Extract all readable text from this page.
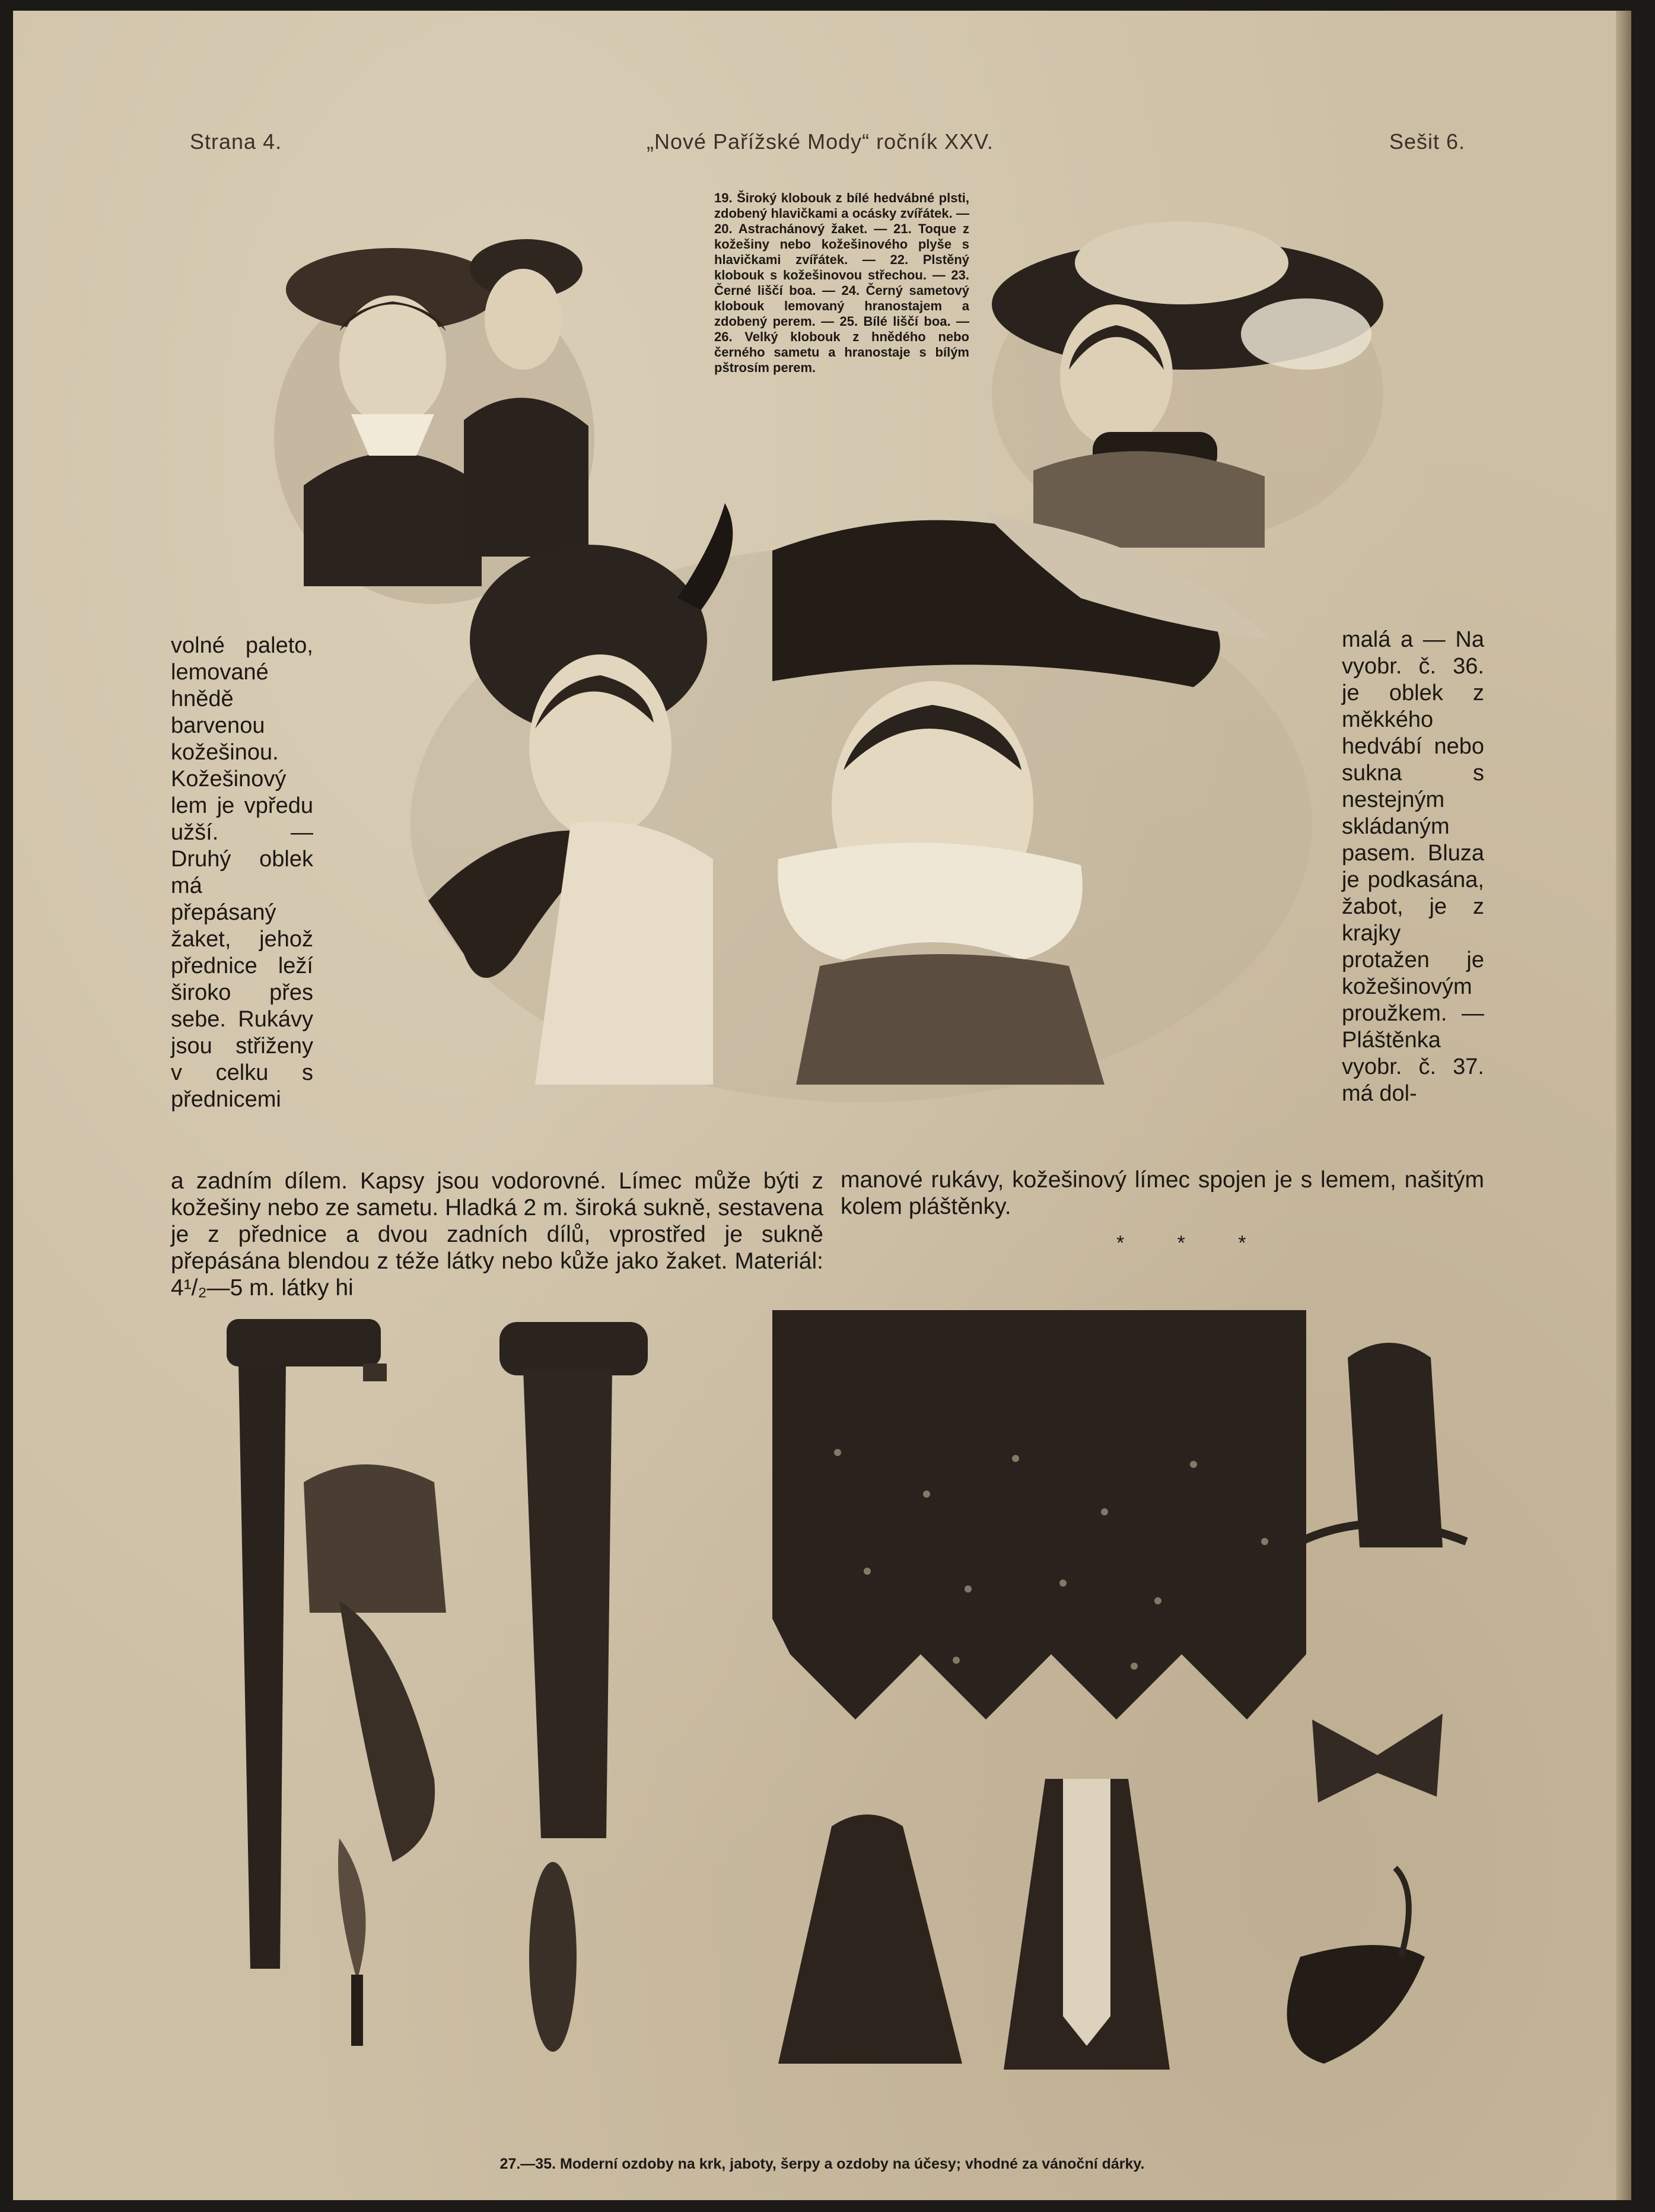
Strana 4.	„Nové Pařížské Mody“ ročník XXV.	Sešit 6.
19. Široký klobouk z bílé hedvábné plsti, zdobený hlavičkami a ocásky zvířátek. — 20. Astrachánový žaket. — 21. Toque z kožešiny nebo kožešinového plyše s hlavičkami zvířátek. — 22. Plstěný klobouk s kožešinovou střechou. — 23. Černé liščí boa. — 24. Černý sametový klobouk lemovaný hranostajem a zdobený perem. — 25. Bílé liščí boa. — 26. Velký klobouk z hnědého nebo černého sametu a hranostaje s bílým pštrosím perem.
volné paleto, lemované hnědě barvenou kožešinou. Kožešinový lem je vpředu užší. — Druhý oblek má přepásaný žaket, jehož přednice leží široko přes sebe. Rukávy jsou střiženy v celku s přednicemi
malá a — Na vyobr. č. 36. je oblek z měkkého hedvábí nebo sukna s nestejným skládaným pasem. Bluza je podkasána, žabot, je z krajky protažen je kožešinovým proužkem. — Pláštěnka vyobr. č. 37. má dol-
a zadním dílem. Kapsy jsou vodorovné. Límec může býti z kožešiny nebo ze sametu. Hladká 2 m. široká sukně, sestavena je z přednice a dvou zadních dílů, vprostřed je sukně přepásána blendou z téže látky nebo kůže jako žaket. Materiál: 4¹/₂—5 m. látky hi
manové rukávy, kožešinový límec spojen je s lemem, našitým kolem pláštěnky.
* * *
27.—35. Moderní ozdoby na krk, jaboty, šerpy a ozdoby na účesy; vhodné za vánoční dárky.
